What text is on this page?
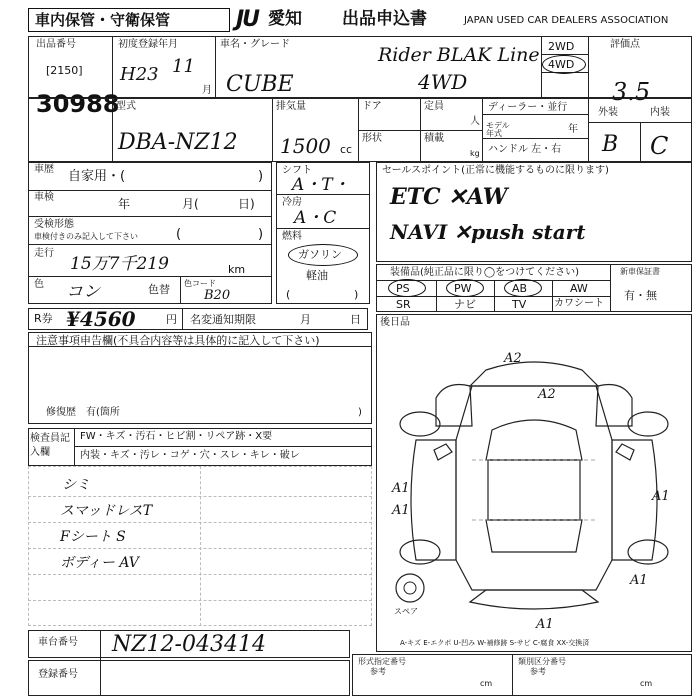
車内保管・守衛保管	JU 愛知 出品申込書	JAPAN USED CAR DEALERS ASSOCIATION
出品番号
[2150]
30988
初度登録年月
H23 11
月
車名・グレード
CUBE
Rider BLAK Line
4WD
2WD
4WD
評価点
3.5
型式
DBA-NZ12
排気量
1500 cc
ドア	定員
人
形状	積載
kg
ディーラー・並行
モデル年式	年
ハンドル 左・右
外装	内装
B C
車歴 自家用・(	)
車検	年	月(	日)
受検形態
車検付きのみ記入して下さい	(	)
走行
15万7千219	km
色 コン	色替 色コード
B20
R券 ¥4560	円 名変通知期限	月	日
シフト
A・T・
冷房
A・C
燃料
ガソリン
軽油
(	)
セールスポイント(正常に機能するものに限ります)
ETC ✕AW
NAVI ✕push start
装備品(純正品に限り◯をつけてください)
PS	PW	AB	AW
SR	ナビ	TV	カワシート
新車保証書
有・無
注意事項申告欄(不具合内容等は具体的に記入して下さい)
修復歴　有(箇所	)
検査員記入欄
FW・キズ・汚石・ヒビ割・リペア跡・X要
内装・キズ・汚レ・コゲ・穴・スレ・キレ・破レ
シミ
スマッドレスT
Fシート S
ボディー AV
後日品
A2
A2
A1
A1
A1
A1
A1
スペア
A-キズ E-エクボ U-凹み W-補修跡 S-サビ C-腐食 XX-交換済
車台番号 NZ12-043414
登録番号
形式指定番号
参考
cm
類別区分番号
参考
cm
